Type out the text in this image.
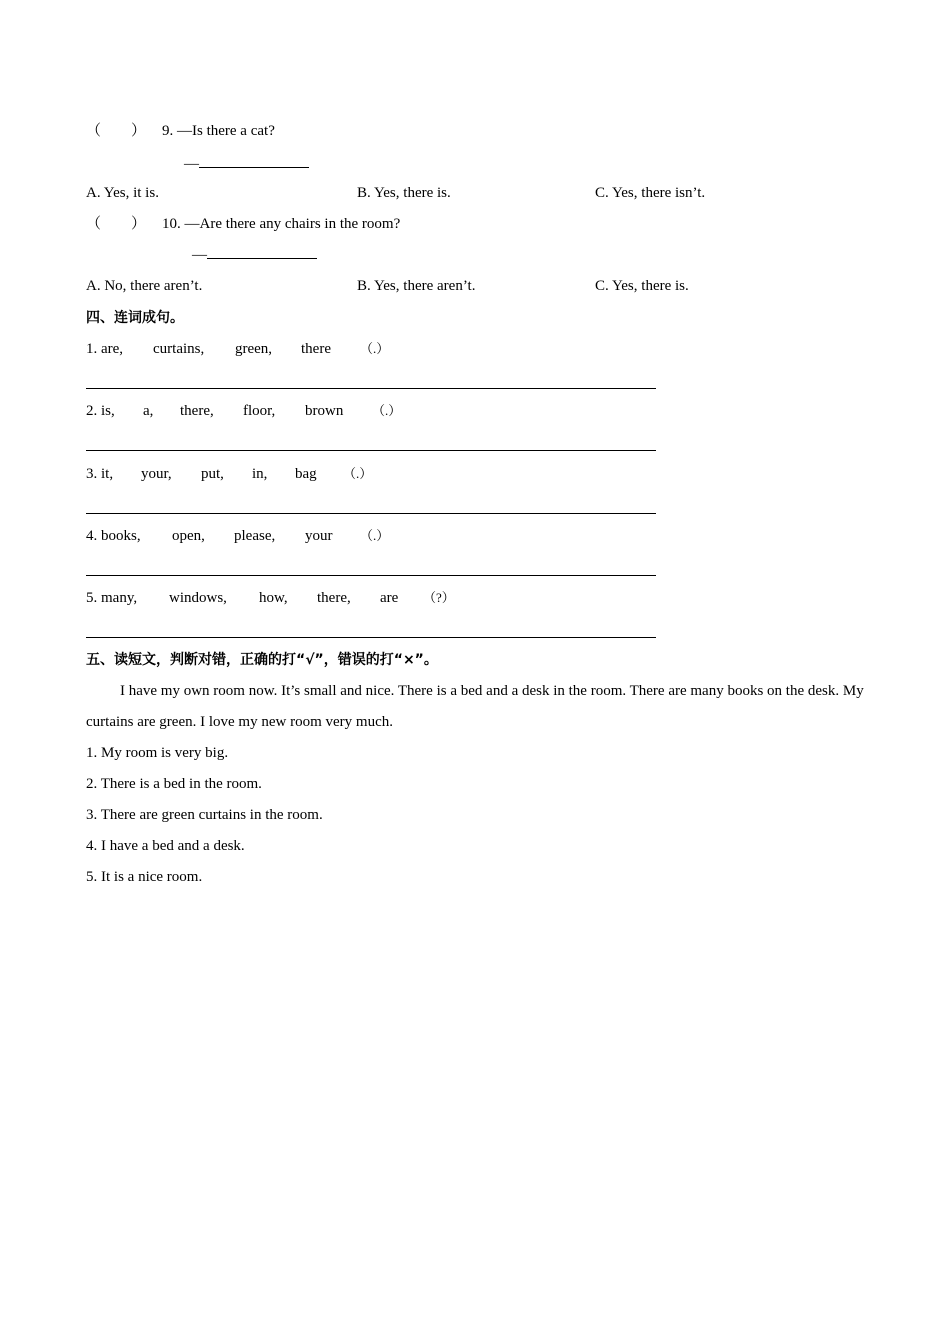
（　　） 9. —Is there a cat?
—
A. Yes, it is.	B. Yes, there is.	C. Yes, there isn’t.
（　　） 10. —Are there any chairs in the room?
—
A. No, there aren’t.	B. Yes, there aren’t.	C. Yes, there is.
四、连词成句。
1. are, curtains, green, there （.）
2. is, a, there, floor, brown （.）
3. it, your, put, in, bag （.）
4. books, open, please, your （.）
5. many, windows, how, there, are （?）
五、读短文，判断对错，正确的打“√”，错误的打“×”。
I have my own room now. It’s small and nice. There is a bed and a desk in the room. There are many books on the desk. My curtains are green. I love my new room very much.
1. My room is very big.
2. There is a bed in the room.
3. There are green curtains in the room.
4. I have a bed and a desk.
5. It is a nice room.
